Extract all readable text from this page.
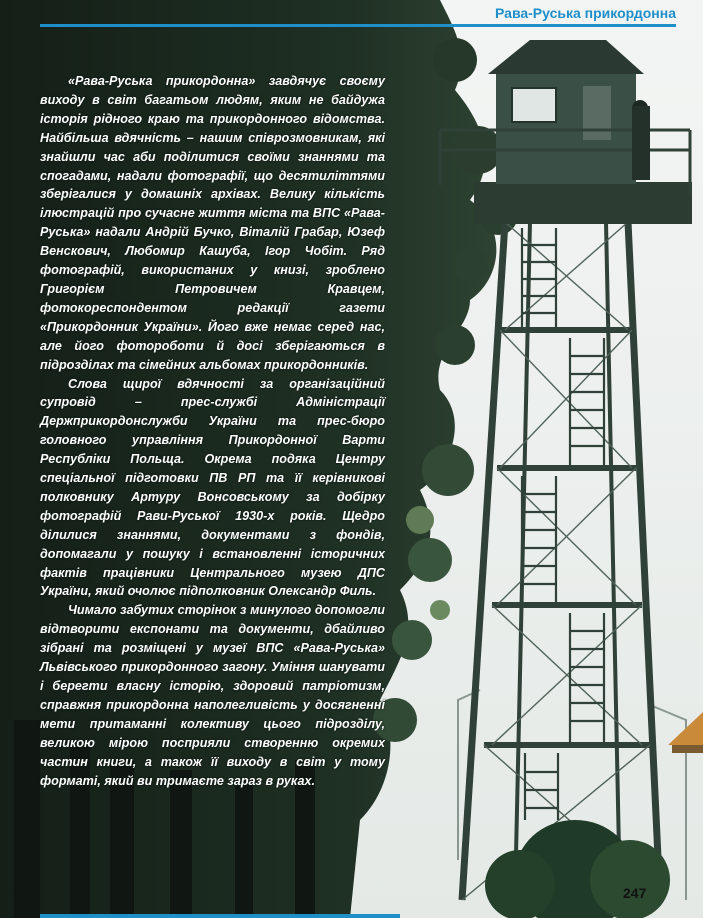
Рава-Руська прикордонна

«Рава-Руська прикордонна» завдячує своєму виходу в світ багатьом людям, яким не байдужа історія рідного краю та прикордонного відомства. Найбільша вдячність – нашим співрозмовникам, які знайшли час аби поділитися своїми знаннями та спогадами, надали фотографії, що десятиліттями зберігалися у домашніх архівах. Велику кількість ілюстрацій про сучасне життя міста та ВПС «Рава-Руська» надали Андрій Бучко, Віталій Грабар, Юзеф Венскович, Любомир Кашуба, Ігор Чобіт. Ряд фотографій, використаних у книзі, зроблено Григорієм Петровичем Кравцем, фотокореспондентом редакції газети «Прикордонник України». Його вже немає серед нас, але його фотороботи й досі зберігаються в підрозділах та сімейних альбомах прикордонників.

Слова щирої вдячності за організаційний супровід – прес-службі Адміністрації Держприкордонслужби України та прес-бюро головного управління Прикордонної Варти Республіки Польща. Окрема подяка Центру спеціальної підготовки ПВ РП та її керівникові полковнику Артуру Вонсовському за добірку фотографій Рави-Руської 1930-х років. Щедро ділилися знаннями, документами з фондів, допомагали у пошуку і встановленні історичних фактів працівники Центрального музею ДПС України, який очолює підполковник Олександр Филь.

Чимало забутих сторінок з минулого допомогли відтворити експонати та документи, дбайливо зібрані та розміщені у музеї ВПС «Рава-Руська» Львівського прикордонного загону. Уміння шанувати і берегти власну історію, здоровий патріотизм, справжня прикордонна наполегливість у досягненні мети притаманні колективу цього підрозділу, великою мірою посприяли створенню окремих частин книги, а також її виходу в світ у тому форматі, який ви тримаєте зараз в руках.

247
